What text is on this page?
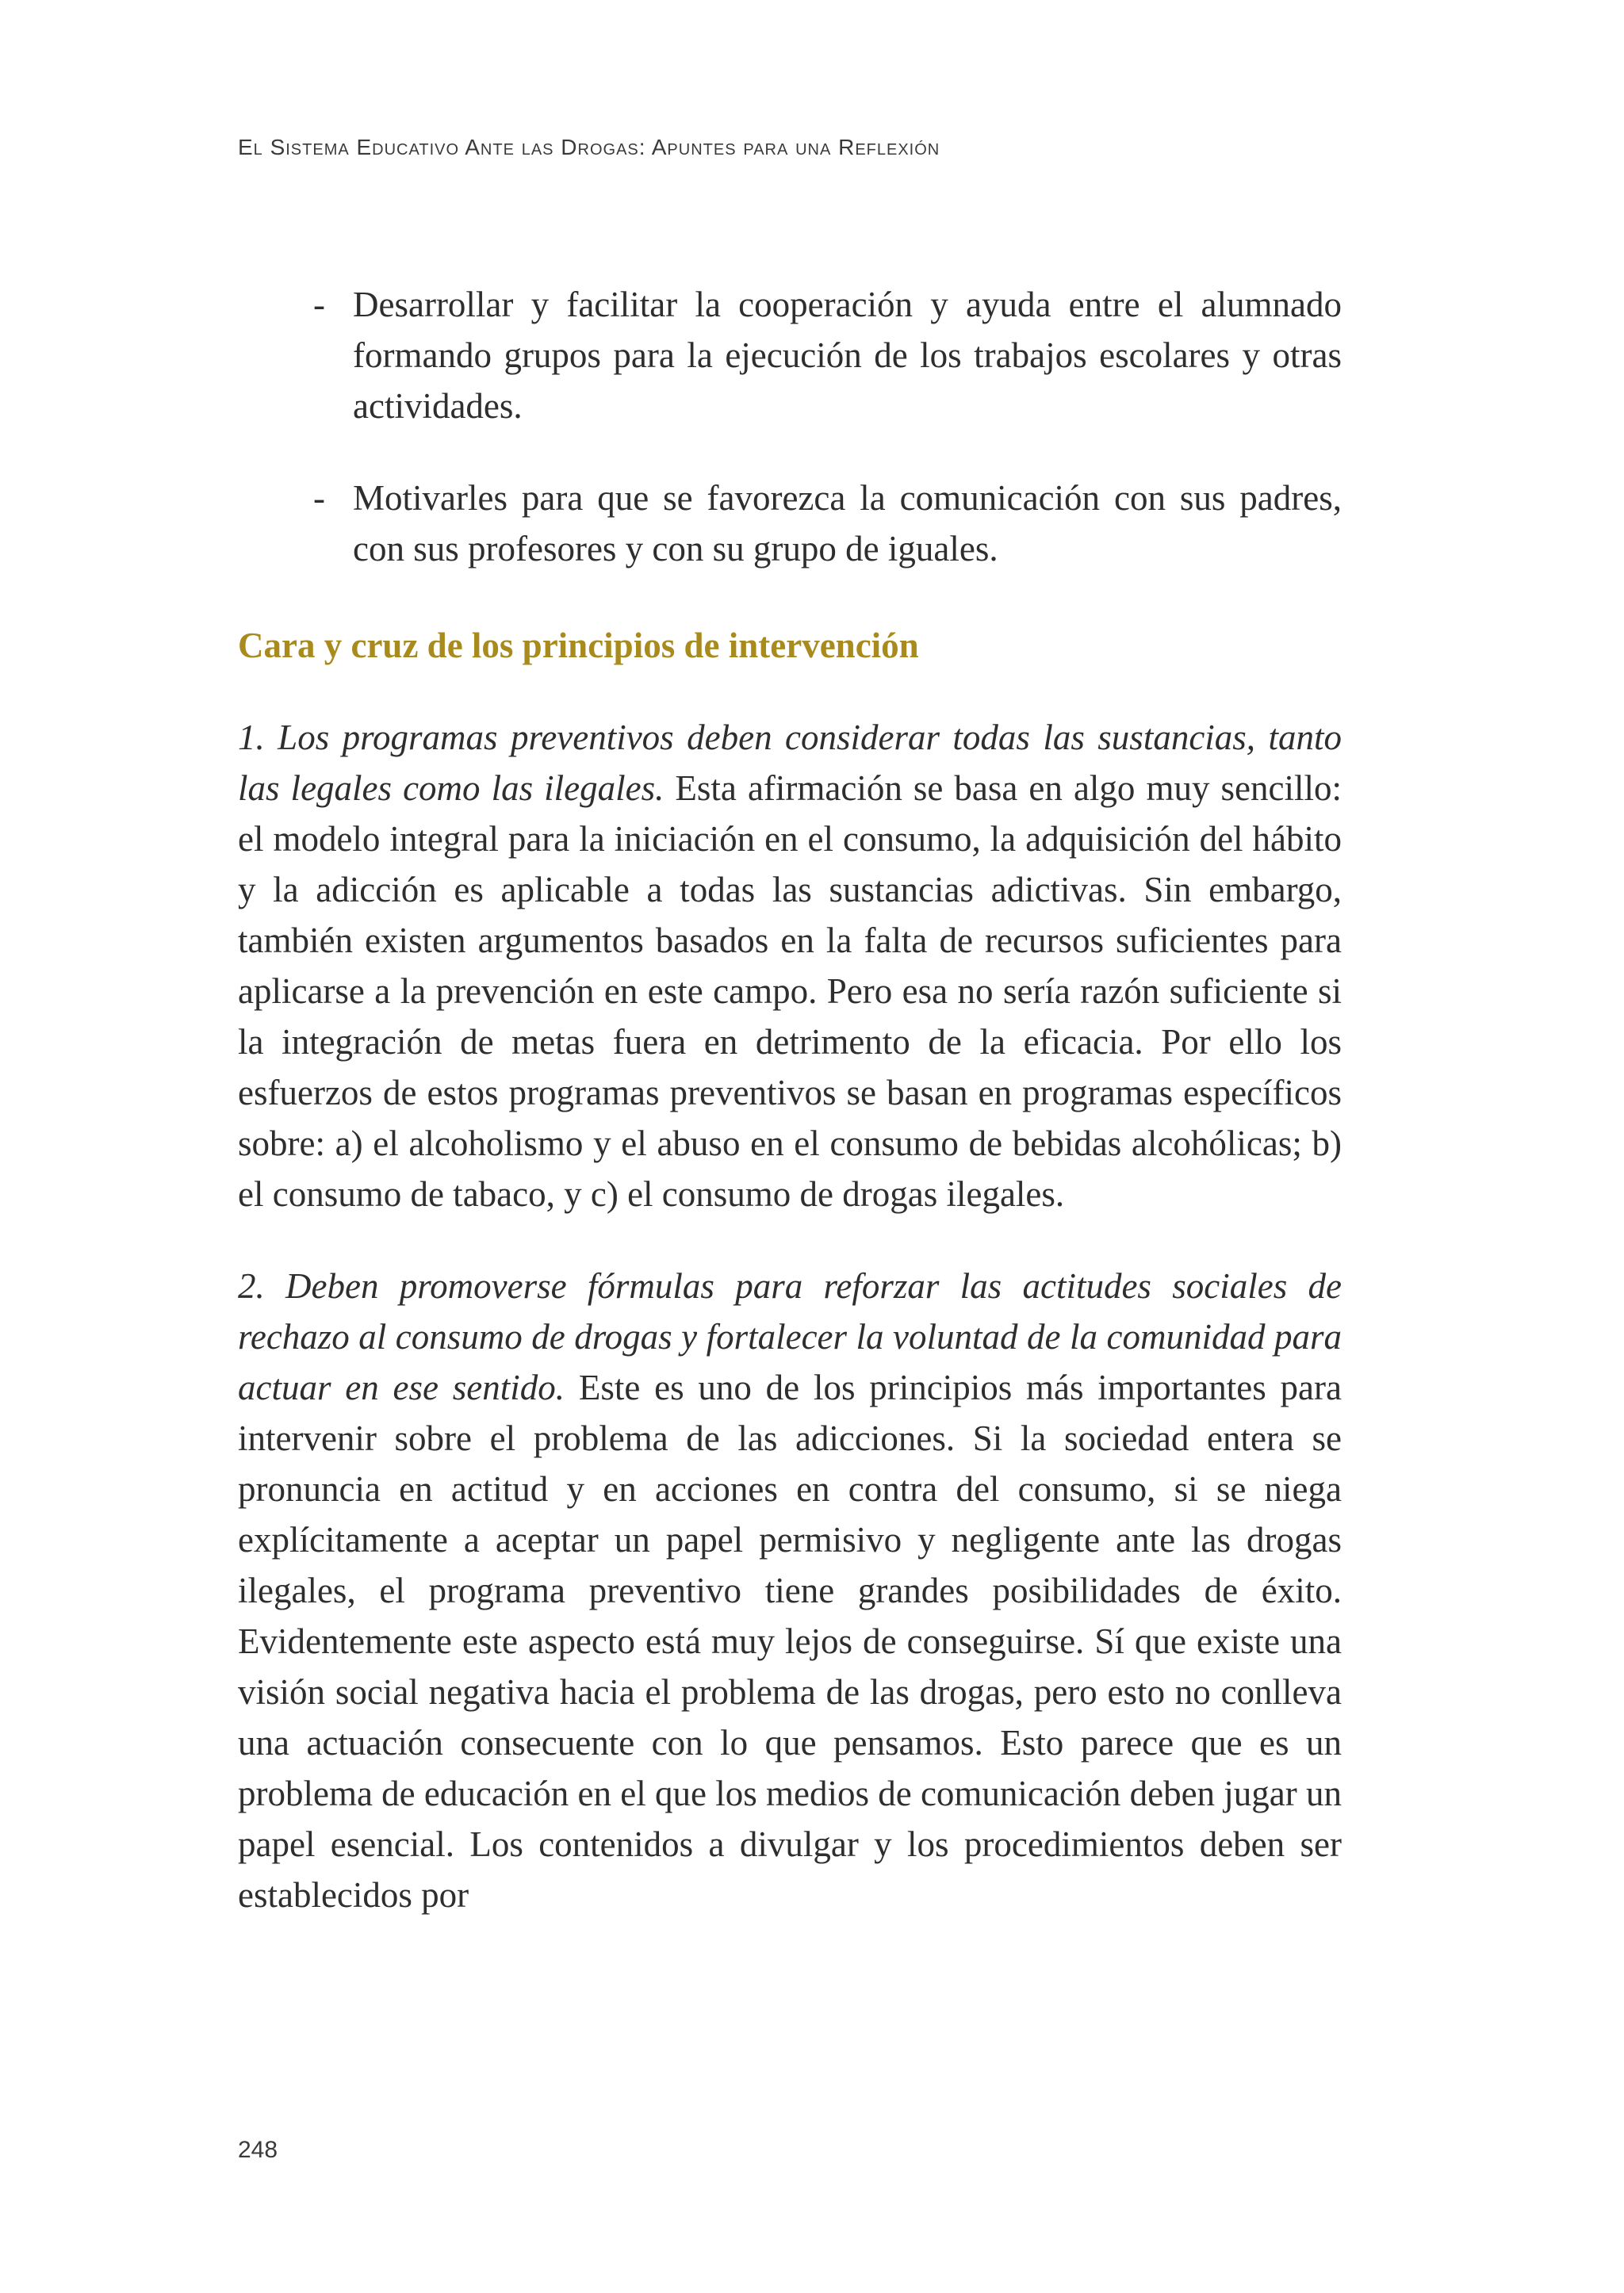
El Sistema Educativo Ante las Drogas: Apuntes para una Reflexión
- Desarrollar y facilitar la cooperación y ayuda entre el alumnado formando grupos para la ejecución de los trabajos escolares y otras actividades.
- Motivarles para que se favorezca la comunicación con sus padres, con sus profesores y con su grupo de iguales.
Cara y cruz de los principios de intervención

1. Los programas preventivos deben considerar todas las sustancias, tanto las legales como las ilegales. Esta afirmación se basa en algo muy sencillo: el modelo integral para la iniciación en el consumo, la adquisición del hábito y la adicción es aplicable a todas las sustancias adictivas. Sin embargo, también existen argumentos basados en la falta de recursos suficientes para aplicarse a la prevención en este campo. Pero esa no sería razón suficiente si la integración de metas fuera en detrimento de la eficacia. Por ello los esfuerzos de estos programas preventivos se basan en programas específicos sobre: a) el alcoholismo y el abuso en el consumo de bebidas alcohólicas; b) el consumo de tabaco, y c) el consumo de drogas ilegales.

2. Deben promoverse fórmulas para reforzar las actitudes sociales de rechazo al consumo de drogas y fortalecer la voluntad de la comunidad para actuar en ese sentido. Este es uno de los principios más importantes para intervenir sobre el problema de las adicciones. Si la sociedad entera se pronuncia en actitud y en acciones en contra del consumo, si se niega explícitamente a aceptar un papel permisivo y negligente ante las drogas ilegales, el programa preventivo tiene grandes posibilidades de éxito. Evidentemente este aspecto está muy lejos de conseguirse. Sí que existe una visión social negativa hacia el problema de las drogas, pero esto no conlleva una actuación consecuente con lo que pensamos. Esto parece que es un problema de educación en el que los medios de comunicación deben jugar un papel esencial. Los contenidos a divulgar y los procedimientos deben ser establecidos por

248
